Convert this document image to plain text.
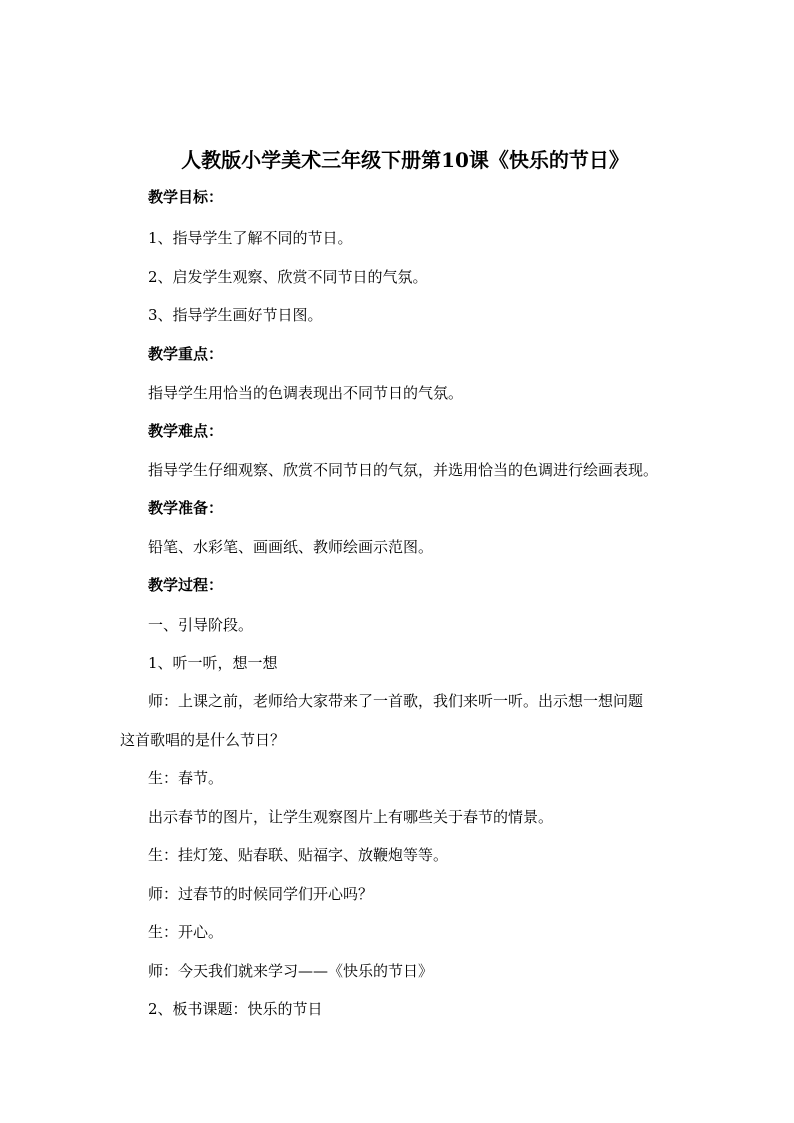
人教版小学美术三年级下册第10课《快乐的节日》
教学目标：
1、指导学生了解不同的节日。
2、启发学生观察、欣赏不同节日的气氛。
3、指导学生画好节日图。
教学重点：
指导学生用恰当的色调表现出不同节日的气氛。
教学难点：
指导学生仔细观察、欣赏不同节日的气氛，并选用恰当的色调进行绘画表现。
教学准备：
铅笔、水彩笔、画画纸、教师绘画示范图。
教学过程：
一、引导阶段。
1、听一听，想一想
师：上课之前，老师给大家带来了一首歌，我们来听一听。出示想一想问题
这首歌唱的是什么节日？
生：春节。
出示春节的图片，让学生观察图片上有哪些关于春节的情景。
生：挂灯笼、贴春联、贴福字、放鞭炮等等。
师：过春节的时候同学们开心吗？
生：开心。
师：今天我们就来学习——《快乐的节日》
2、板书课题：快乐的节日
